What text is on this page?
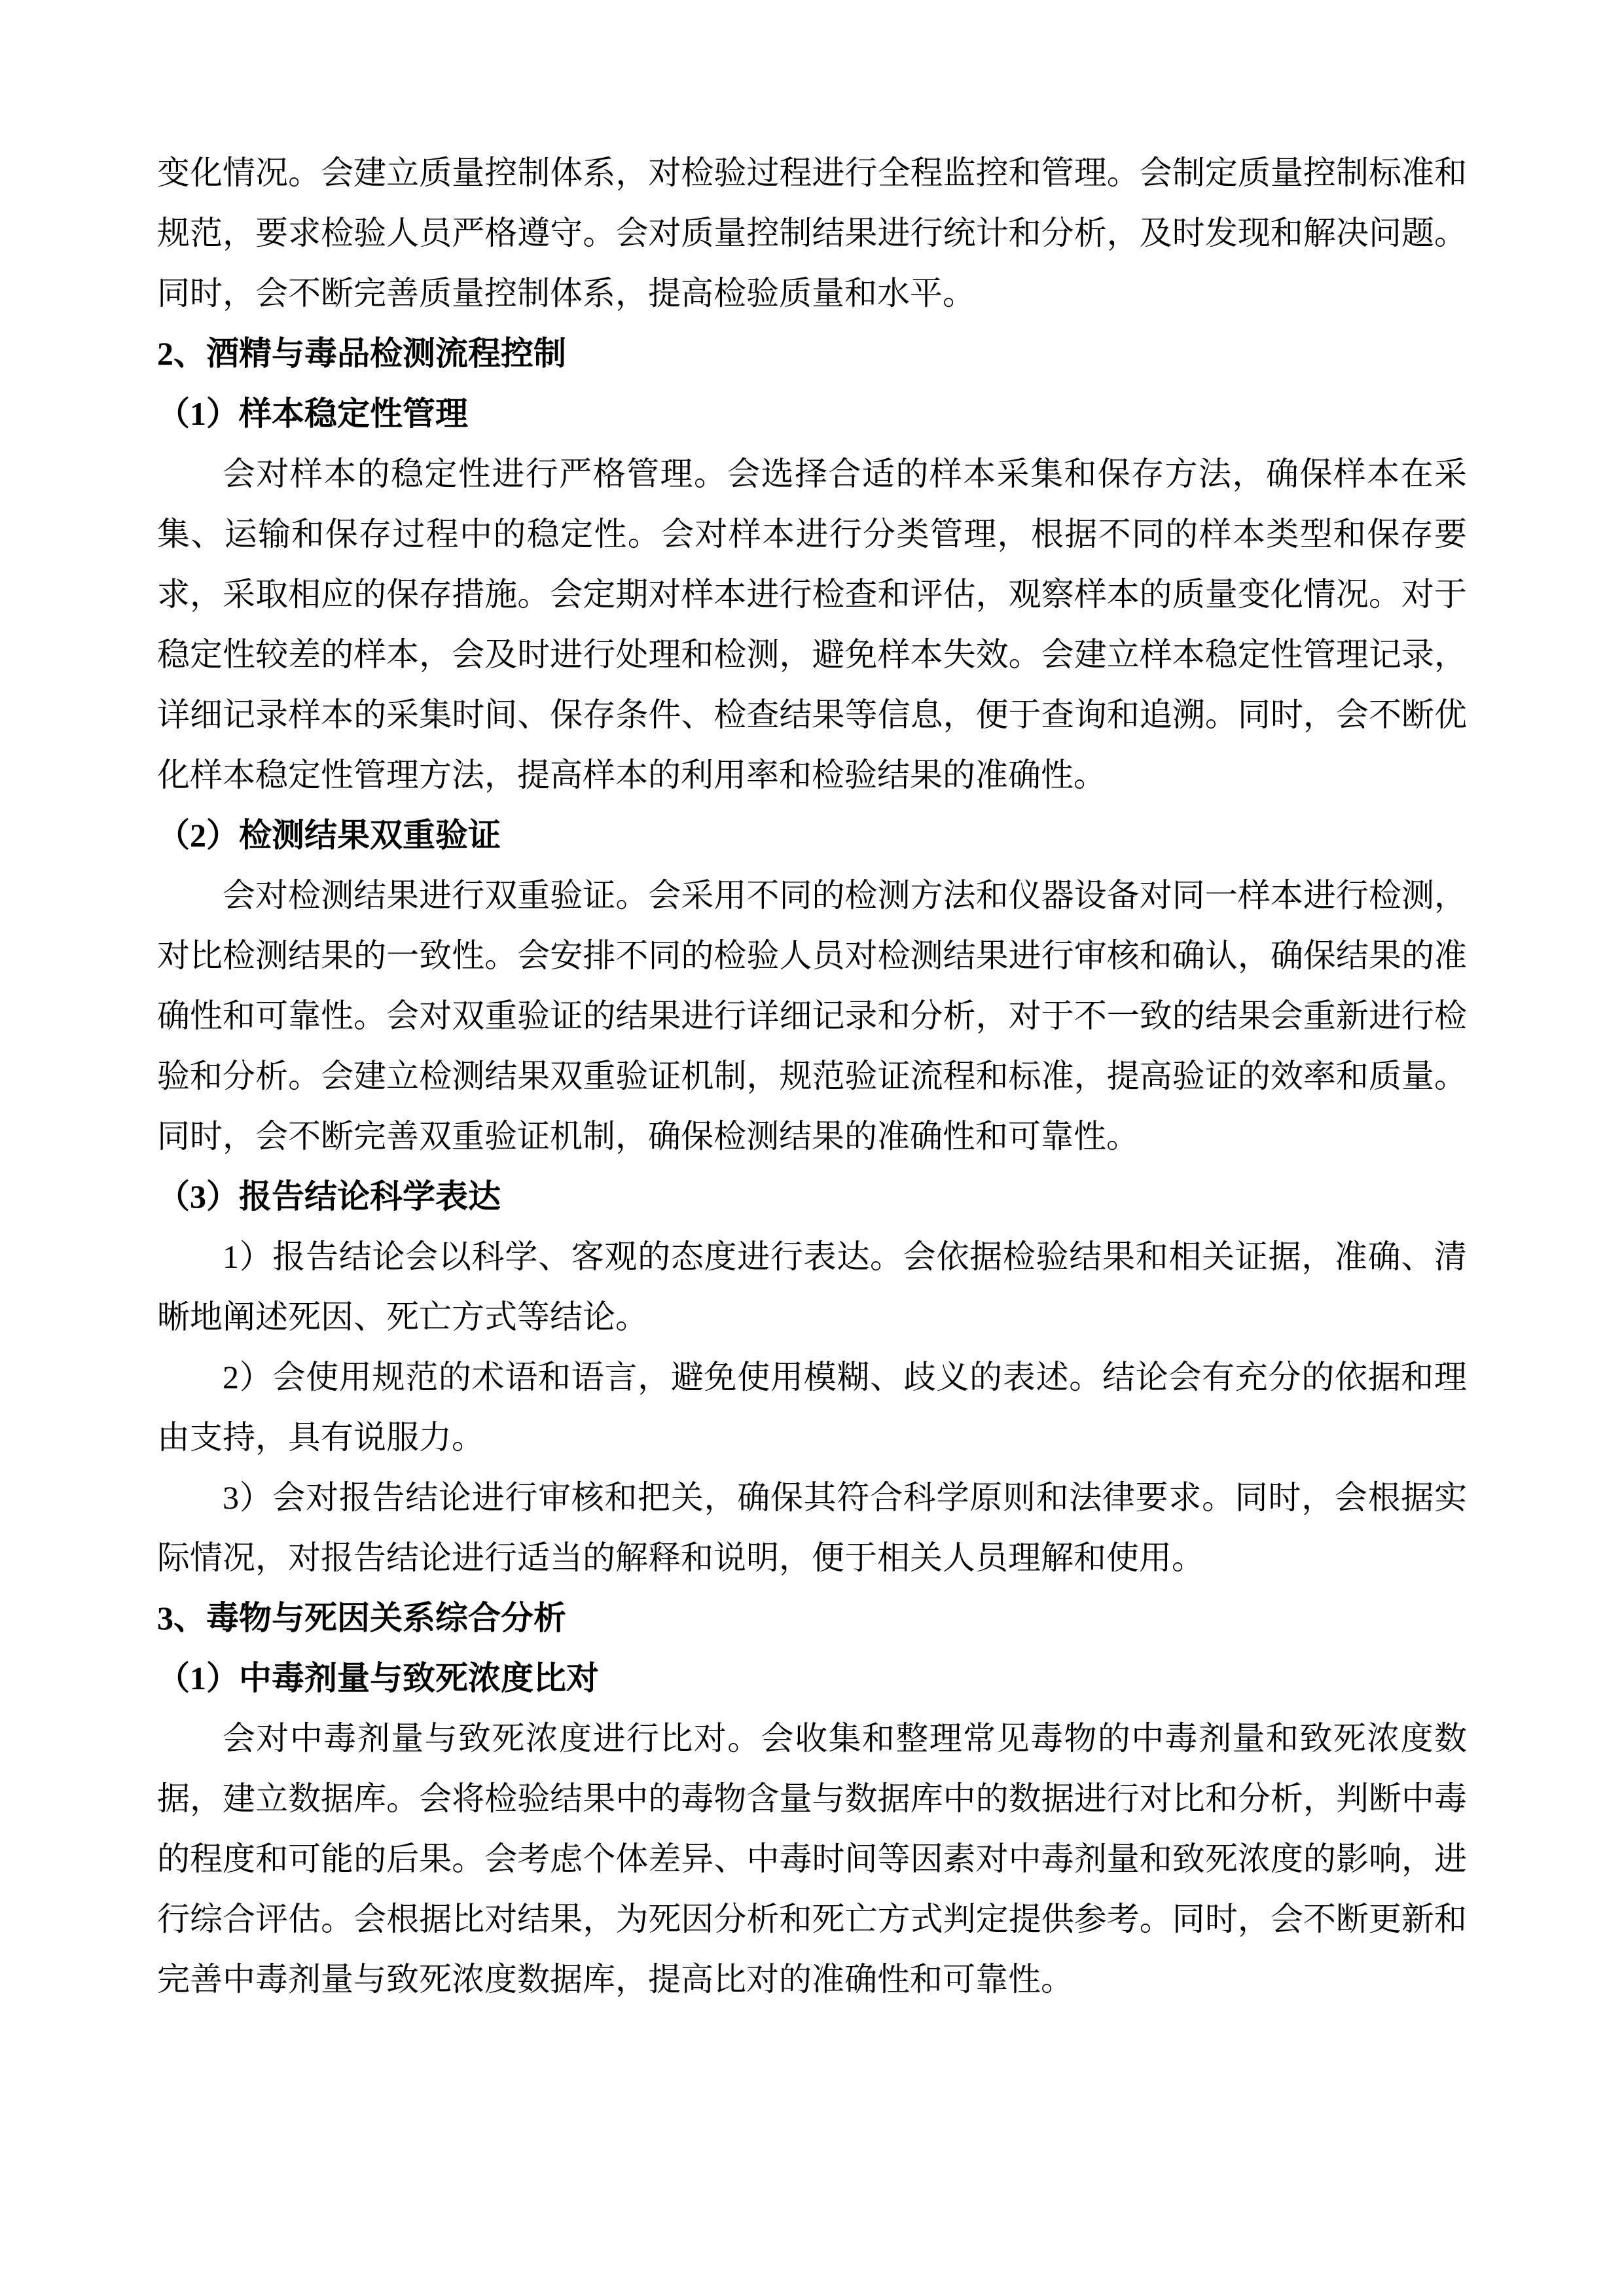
变化情况。会建立质量控制体系，对检验过程进行全程监控和管理。会制定质量控制标准和规范，要求检验人员严格遵守。会对质量控制结果进行统计和分析，及时发现和解决问题。同时，会不断完善质量控制体系，提高检验质量和水平。

2、酒精与毒品检测流程控制

（1）样本稳定性管理

会对样本的稳定性进行严格管理。会选择合适的样本采集和保存方法，确保样本在采集、运输和保存过程中的稳定性。会对样本进行分类管理，根据不同的样本类型和保存要求，采取相应的保存措施。会定期对样本进行检查和评估，观察样本的质量变化情况。对于稳定性较差的样本，会及时进行处理和检测，避免样本失效。会建立样本稳定性管理记录，详细记录样本的采集时间、保存条件、检查结果等信息，便于查询和追溯。同时，会不断优化样本稳定性管理方法，提高样本的利用率和检验结果的准确性。

（2）检测结果双重验证

会对检测结果进行双重验证。会采用不同的检测方法和仪器设备对同一样本进行检测，对比检测结果的一致性。会安排不同的检验人员对检测结果进行审核和确认，确保结果的准确性和可靠性。会对双重验证的结果进行详细记录和分析，对于不一致的结果会重新进行检验和分析。会建立检测结果双重验证机制，规范验证流程和标准，提高验证的效率和质量。同时，会不断完善双重验证机制，确保检测结果的准确性和可靠性。

（3）报告结论科学表达

1）报告结论会以科学、客观的态度进行表达。会依据检验结果和相关证据，准确、清晰地阐述死因、死亡方式等结论。

2）会使用规范的术语和语言，避免使用模糊、歧义的表述。结论会有充分的依据和理由支持，具有说服力。

3）会对报告结论进行审核和把关，确保其符合科学原则和法律要求。同时，会根据实际情况，对报告结论进行适当的解释和说明，便于相关人员理解和使用。

3、毒物与死因关系综合分析

（1）中毒剂量与致死浓度比对

会对中毒剂量与致死浓度进行比对。会收集和整理常见毒物的中毒剂量和致死浓度数据，建立数据库。会将检验结果中的毒物含量与数据库中的数据进行对比和分析，判断中毒的程度和可能的后果。会考虑个体差异、中毒时间等因素对中毒剂量和致死浓度的影响，进行综合评估。会根据比对结果，为死因分析和死亡方式判定提供参考。同时，会不断更新和完善中毒剂量与致死浓度数据库，提高比对的准确性和可靠性。
